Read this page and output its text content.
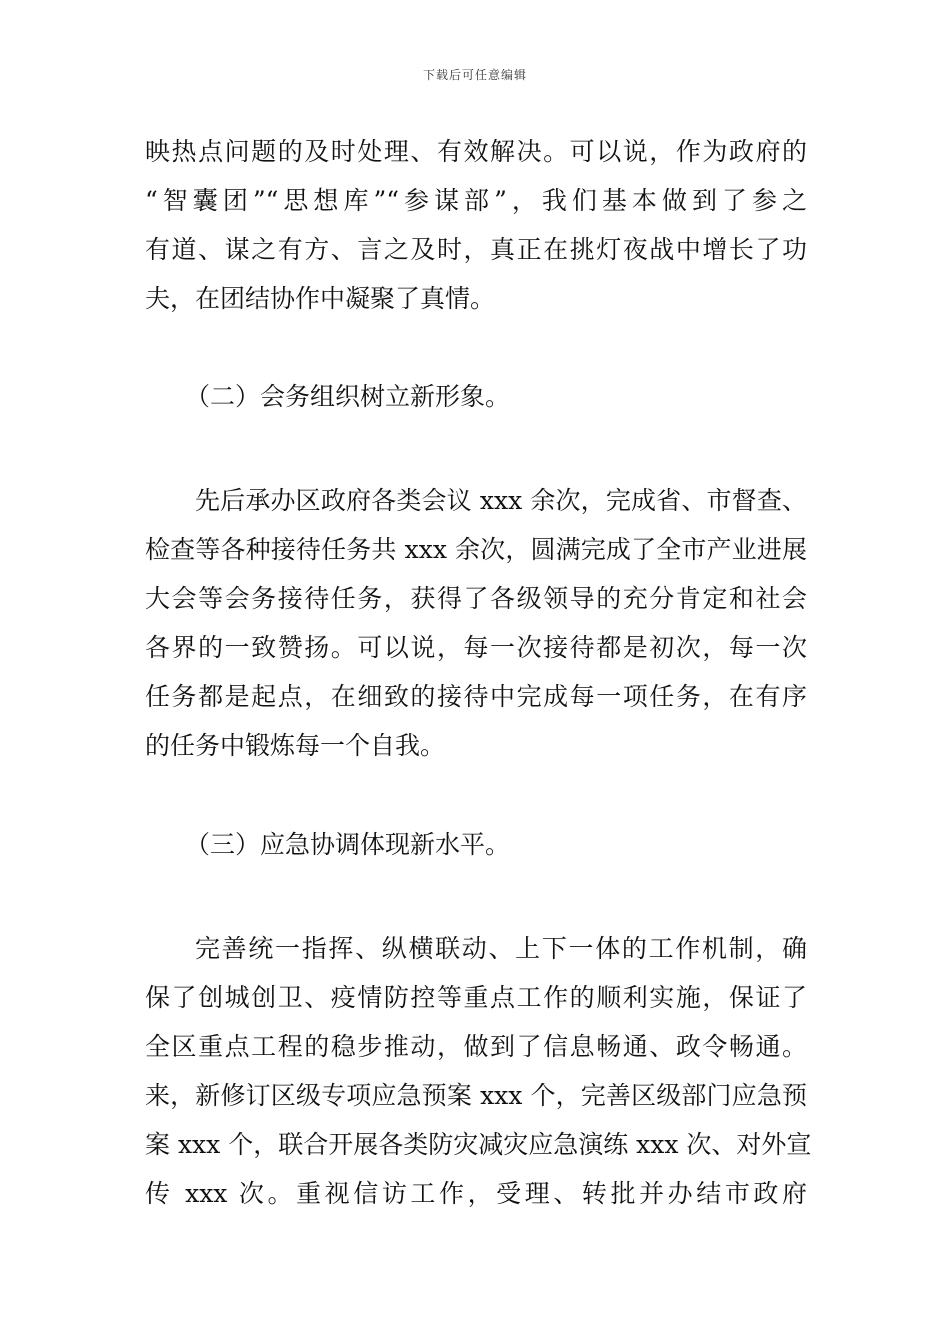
下载后可任意编辑
映热点问题的及时处理、有效解决。可以说，作为政府的
“智囊团”“思想库”“参谋部”，我们基本做到了参之
有道、谋之有方、言之及时，真正在挑灯夜战中增长了功
夫，在团结协作中凝聚了真情。
（二）会务组织树立新形象。
先后承办区政府各类会议 xxx 余次，完成省、市督查、
检查等各种接待任务共 xxx 余次，圆满完成了全市产业进展
大会等会务接待任务，获得了各级领导的充分肯定和社会
各界的一致赞扬。可以说，每一次接待都是初次，每一次
任务都是起点，在细致的接待中完成每一项任务，在有序
的任务中锻炼每一个自我。
（三）应急协调体现新水平。
完善统一指挥、纵横联动、上下一体的工作机制，确
保了创城创卫、疫情防控等重点工作的顺利实施，保证了
全区重点工程的稳步推动，做到了信息畅通、政令畅通。
来，新修订区级专项应急预案 xxx 个，完善区级部门应急预
案 xxx 个，联合开展各类防灾减灾应急演练 xxx 次、对外宣
传 xxx 次。重视信访工作，受理、转批并办结市政府
